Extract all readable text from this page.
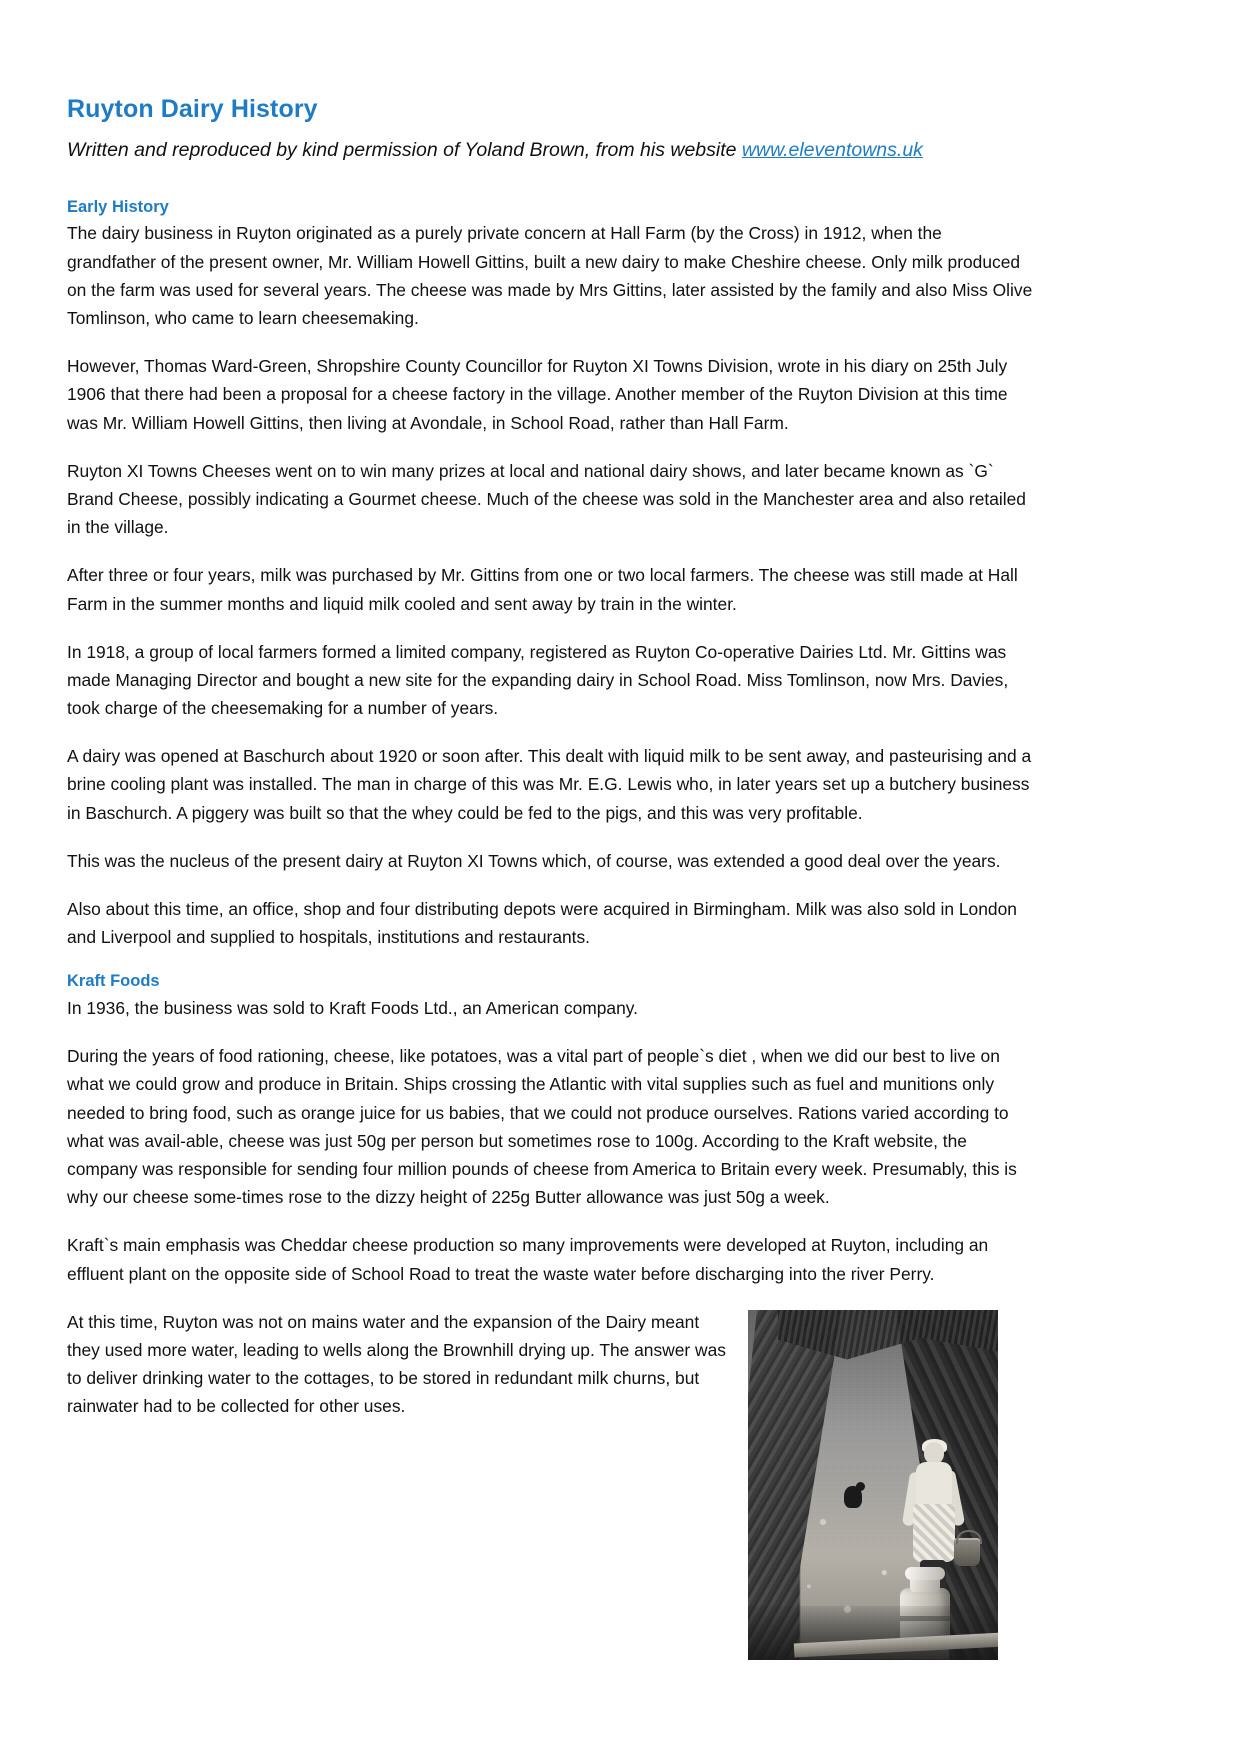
Ruyton Dairy History

Written and reproduced by kind permission of Yoland Brown, from his website www.eleventowns.uk

Early History

The dairy business in Ruyton originated as a purely private concern at Hall Farm (by the Cross) in 1912, when the grandfather of the present owner, Mr. William Howell Gittins, built a new dairy to make Cheshire cheese. Only milk produced on the farm was used for several years. The cheese was made by Mrs Gittins, later assisted by the family and also Miss Olive Tomlinson, who came to learn cheesemaking.

However, Thomas Ward-Green, Shropshire County Councillor for Ruyton XI Towns Division, wrote in his diary on 25th July 1906 that there had been a proposal for a cheese factory in the village. Another member of the Ruyton Division at this time was Mr. William Howell Gittins, then living at Avondale, in School Road, rather than Hall Farm.

Ruyton XI Towns Cheeses went on to win many prizes at local and national dairy shows, and later became known as `G` Brand Cheese, possibly indicating a Gourmet cheese. Much of the cheese was sold in the Manchester area and also retailed in the village.

After three or four years, milk was purchased by Mr. Gittins from one or two local farmers. The cheese was still made at Hall Farm in the summer months and liquid milk cooled and sent away by train in the winter.

In 1918, a group of local farmers formed a limited company, registered as Ruyton Co-operative Dairies Ltd. Mr. Gittins was made Managing Director and bought a new site for the expanding dairy in School Road. Miss Tomlinson, now Mrs. Davies, took charge of the cheesemaking for a number of years.

A dairy was opened at Baschurch about 1920 or soon after. This dealt with liquid milk to be sent away, and pasteurising and a brine cooling plant was installed. The man in charge of this was Mr. E.G. Lewis who, in later years set up a butchery business in Baschurch. A piggery was built so that the whey could be fed to the pigs, and this was very profitable.

This was the nucleus of the present dairy at Ruyton XI Towns which, of course, was extended a good deal over the years.

Also about this time, an office, shop and four distributing depots were acquired in Birmingham. Milk was also sold in London and Liverpool and supplied to hospitals, institutions and restaurants.

Kraft Foods

In 1936, the business was sold to Kraft Foods Ltd., an American company.

During the years of food rationing, cheese, like potatoes, was a vital part of people`s diet , when we did our best to live on what we could grow and produce in Britain. Ships crossing the Atlantic with vital supplies such as fuel and munitions only needed to bring food, such as orange juice for us babies, that we could not produce ourselves. Rations varied according to what was avail-able, cheese was just 50g per person but sometimes rose to 100g. According to the Kraft website, the company was responsible for sending four million pounds of cheese from America to Britain every week. Presumably, this is why our cheese some-times rose to the dizzy height of 225g Butter allowance was just 50g a week.

Kraft`s main emphasis was Cheddar cheese production so many improvements were developed at Ruyton, including an effluent plant on the opposite side of School Road to treat the waste water before discharging into the river Perry.

At this time, Ruyton was not on mains water and the expansion of the Dairy meant they used more water, leading to wells along the Brownhill drying up. The answer was to deliver drinking water to the cottages, to be stored in redundant milk churns, but rainwater had to be collected for other uses.
